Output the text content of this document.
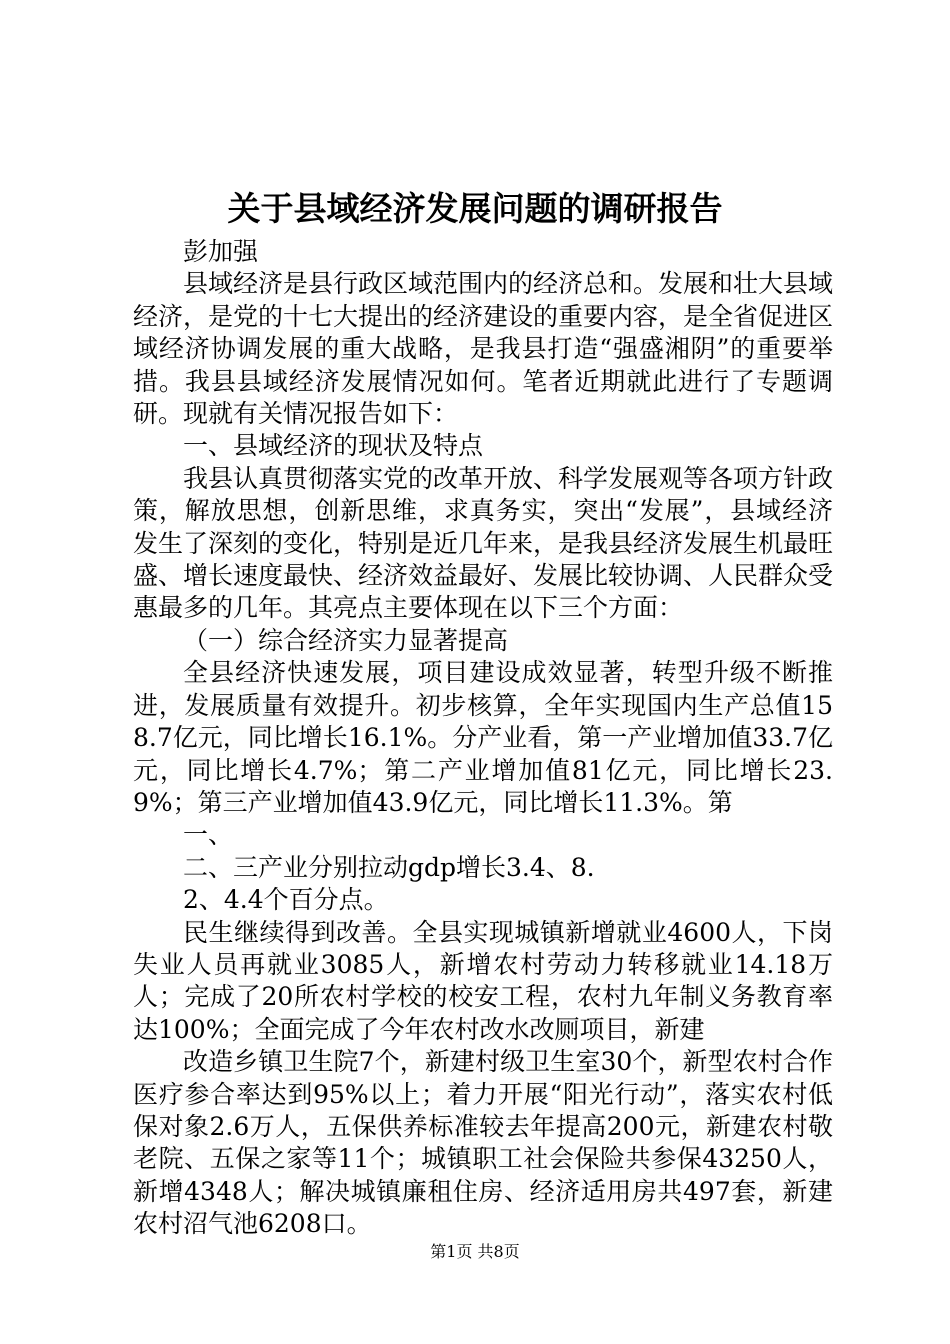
关于县域经济发展问题的调研报告

彭加强

县域经济是县行政区域范围内的经济总和。发展和壮大县域经济，是党的十七大提出的经济建设的重要内容，是全省促进区域经济协调发展的重大战略，是我县打造“强盛湘阴”的重要举措。我县县域经济发展情况如何。笔者近期就此进行了专题调研。现就有关情况报告如下：

一、县域经济的现状及特点

我县认真贯彻落实党的改革开放、科学发展观等各项方针政策，解放思想，创新思维，求真务实，突出“发展”，县域经济发生了深刻的变化，特别是近几年来，是我县经济发展生机最旺盛、增长速度最快、经济效益最好、发展比较协调、人民群众受惠最多的几年。其亮点主要体现在以下三个方面：

（一）综合经济实力显著提高

全县经济快速发展，项目建设成效显著，转型升级不断推进，发展质量有效提升。初步核算，全年实现国内生产总值158.7亿元，同比增长16.1%。分产业看，第一产业增加值33.7亿元，同比增长4.7%；第二产业增加值81亿元，同比增长23.9%；第三产业增加值43.9亿元，同比增长11.3%。第

一、

二、三产业分别拉动gdp增长3.4、8.

2、4.4个百分点。

民生继续得到改善。全县实现城镇新增就业4600人，下岗失业人员再就业3085人，新增农村劳动力转移就业14.18万人；完成了20所农村学校的校安工程，农村九年制义务教育率达100%；全面完成了今年农村改水改厕项目，新建

改造乡镇卫生院7个，新建村级卫生室30个，新型农村合作医疗参合率达到95%以上；着力开展“阳光行动”，落实农村低保对象2.6万人，五保供养标准较去年提高200元，新建农村敬老院、五保之家等11个；城镇职工社会保险共参保43250人，新增4348人；解决城镇廉租住房、经济适用房共497套，新建农村沼气池6208口。

第1页 共8页
